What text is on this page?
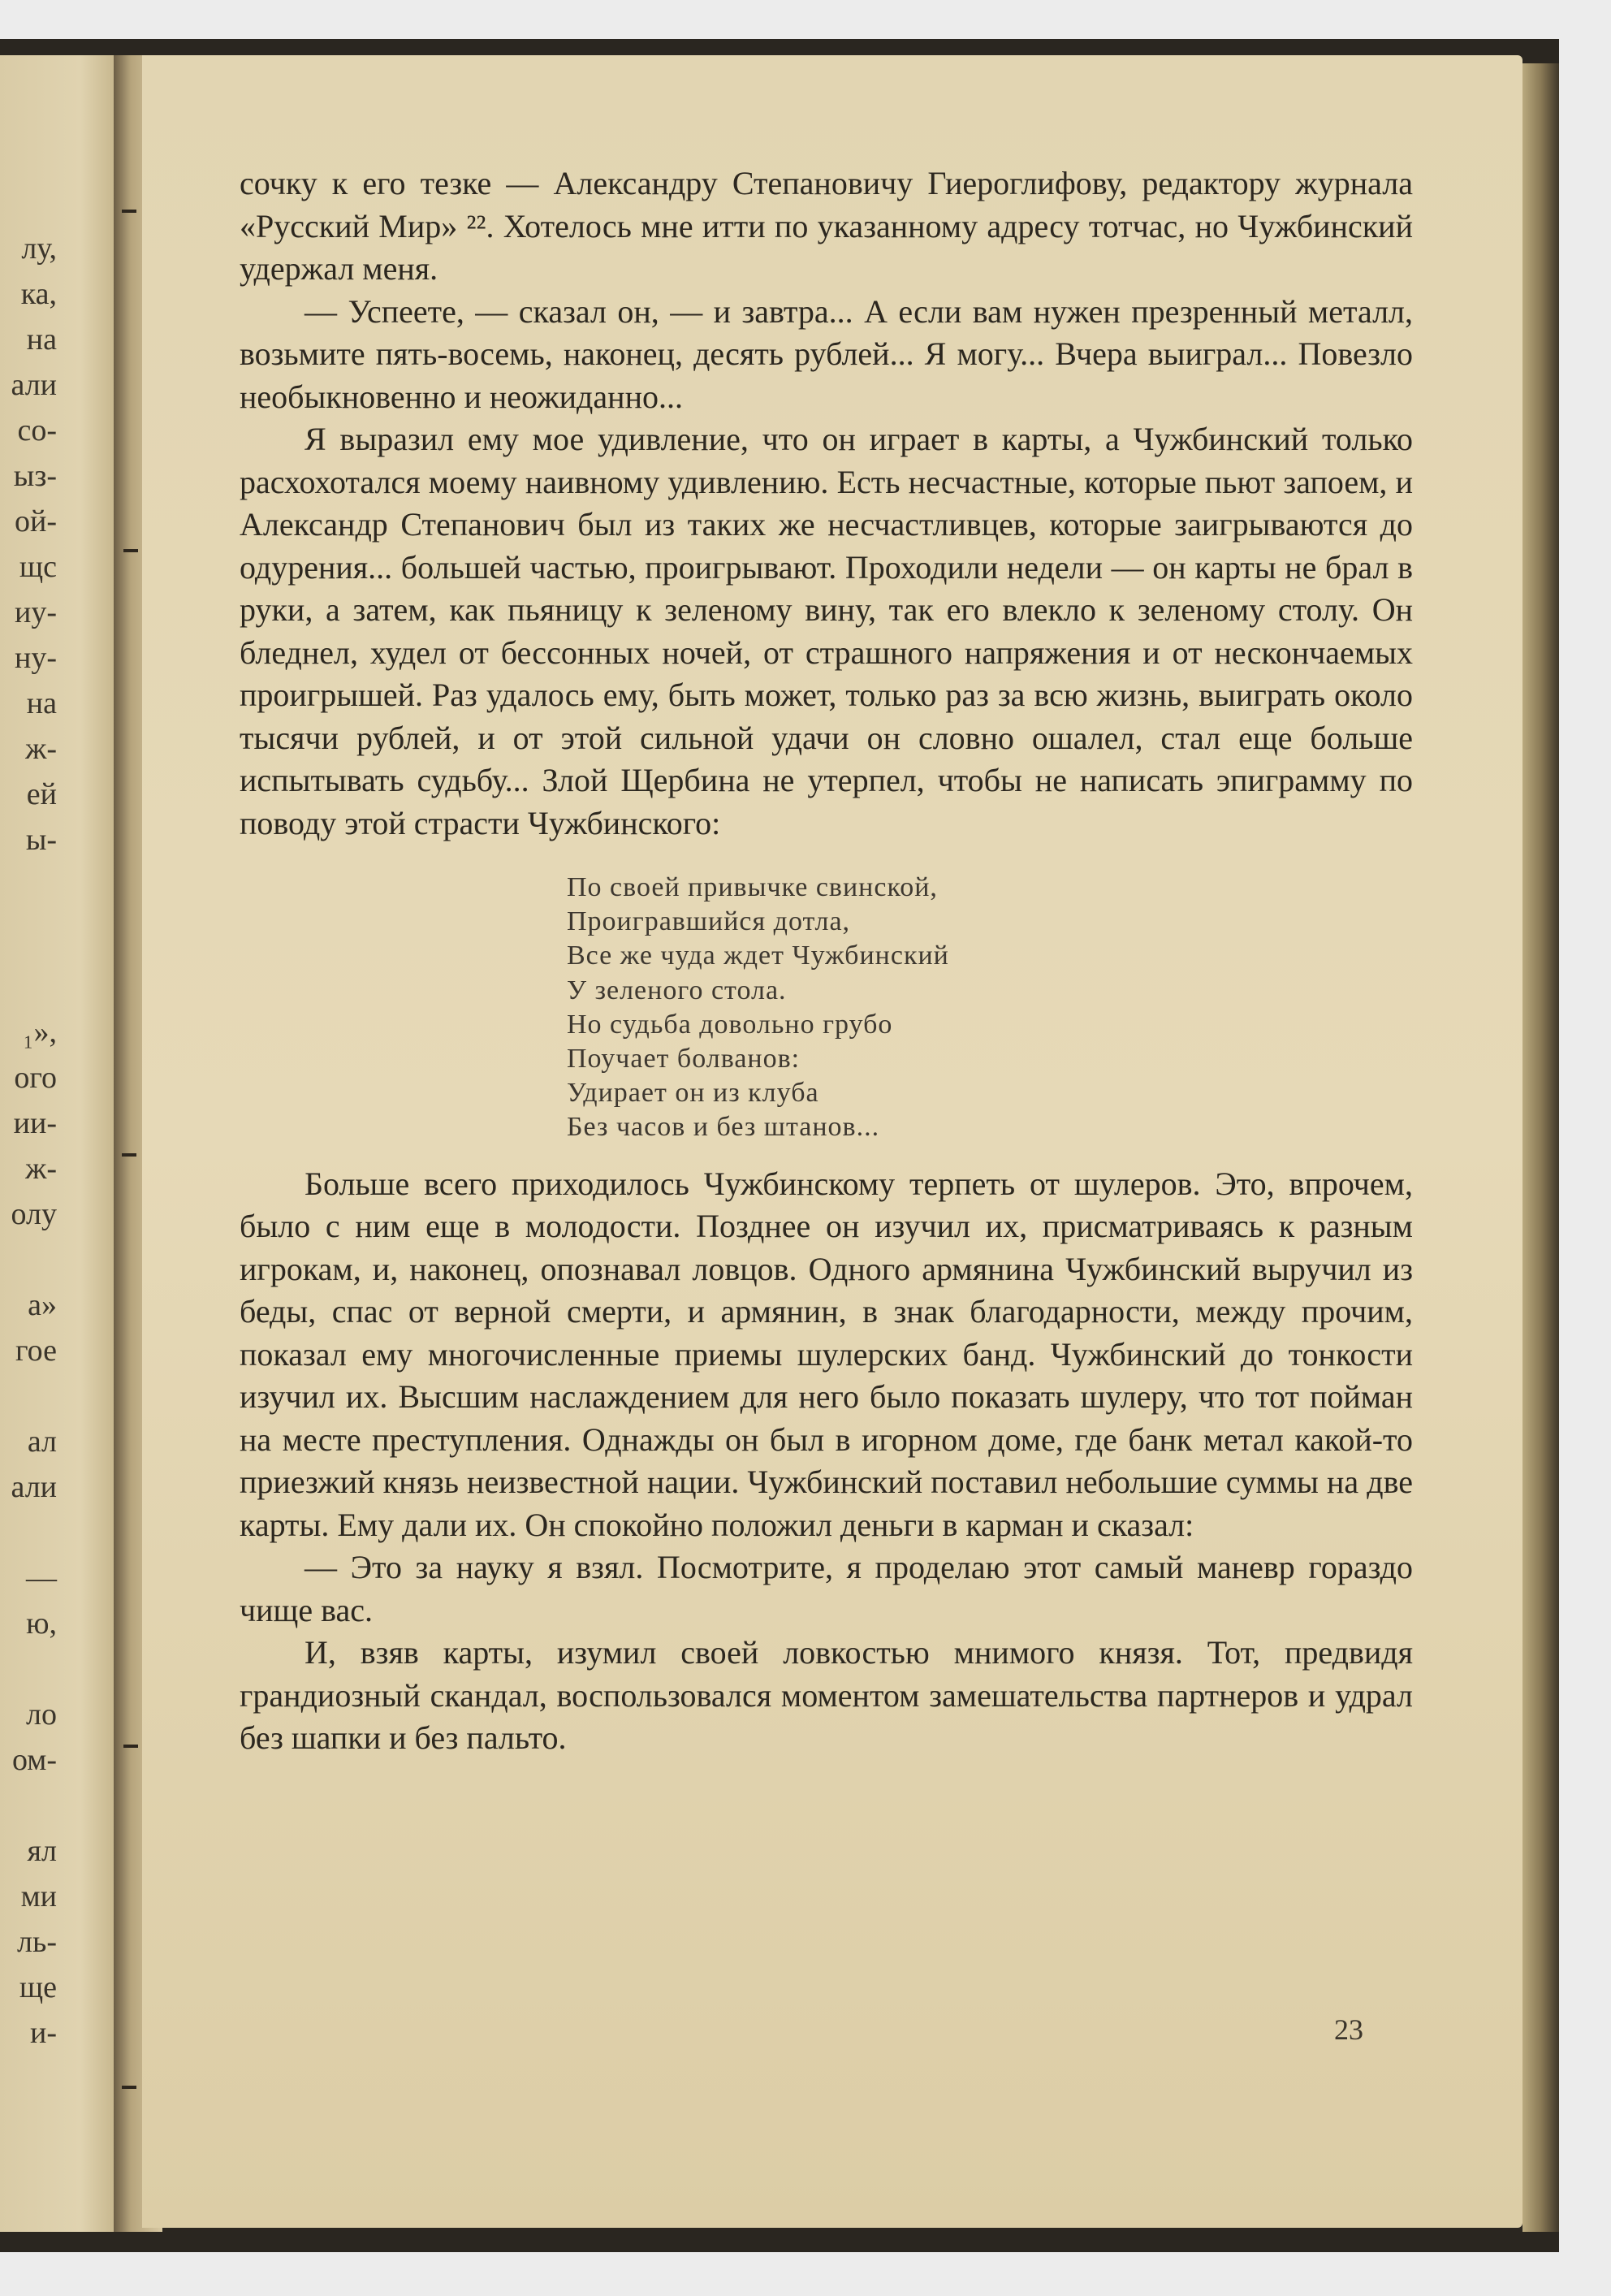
лу,
ка,
на
али
со-
ыз-
ой-
щс
иу-
ну-
на
ж-
ей
ы-
₁»,
ого
ии-
ж-
олу

а»
гое

ал
али

—
ю,

ло
ом-

ял
ми
ль-
ще
и-

сочку к его тезке — Александру Степановичу Гиероглифову, редактору журнала «Русский Мир» ²². Хотелось мне итти по указанному адресу тотчас, но Чужбинский удержал меня.

— Успеете, — сказал он, — и завтра... А если вам нужен презренный металл, возьмите пять-восемь, наконец, десять рублей... Я могу... Вчера выиграл... Повезло необыкновенно и неожиданно...

Я выразил ему мое удивление, что он играет в карты, а Чужбинский только расхохотался моему наивному удивлению. Есть несчастные, которые пьют запоем, и Александр Степанович был из таких же несчастливцев, которые заигрываются до одурения... большей частью, проигрывают. Проходили недели — он карты не брал в руки, а затем, как пьяницу к зеленому вину, так его влекло к зеленому столу. Он бледнел, худел от бессонных ночей, от страшного напряжения и от нескончаемых проигрышей. Раз удалось ему, быть может, только раз за всю жизнь, выиграть около тысячи рублей, и от этой сильной удачи он словно ошалел, стал еще больше испытывать судьбу... Злой Щербина не утерпел, чтобы не написать эпиграмму по поводу этой страсти Чужбинского:

По своей привычке свинской,
Проигравшийся дотла,
Все же чуда ждет Чужбинский
У зеленого стола.
Но судьба довольно грубо
Поучает болванов:
Удирает он из клуба
Без часов и без штанов...

Больше всего приходилось Чужбинскому терпеть от шулеров. Это, впрочем, было с ним еще в молодости. Позднее он изучил их, присматриваясь к разным игрокам, и, наконец, опознавал ловцов. Одного армянина Чужбинский выручил из беды, спас от верной смерти, и армянин, в знак благодарности, между прочим, показал ему многочисленные приемы шулерских банд. Чужбинский до тонкости изучил их. Высшим наслаждением для него было показать шулеру, что тот пойман на месте преступления. Однажды он был в игорном доме, где банк метал какой-то приезжий князь неизвестной нации. Чужбинский поставил небольшие суммы на две карты. Ему дали их. Он спокойно положил деньги в карман и сказал:

— Это за науку я взял. Посмотрите, я проделаю этот самый маневр гораздо чище вас.

И, взяв карты, изумил своей ловкостью мнимого князя. Тот, предвидя грандиозный скандал, воспользовался моментом замешательства партнеров и удрал без шапки и без пальто.

23
